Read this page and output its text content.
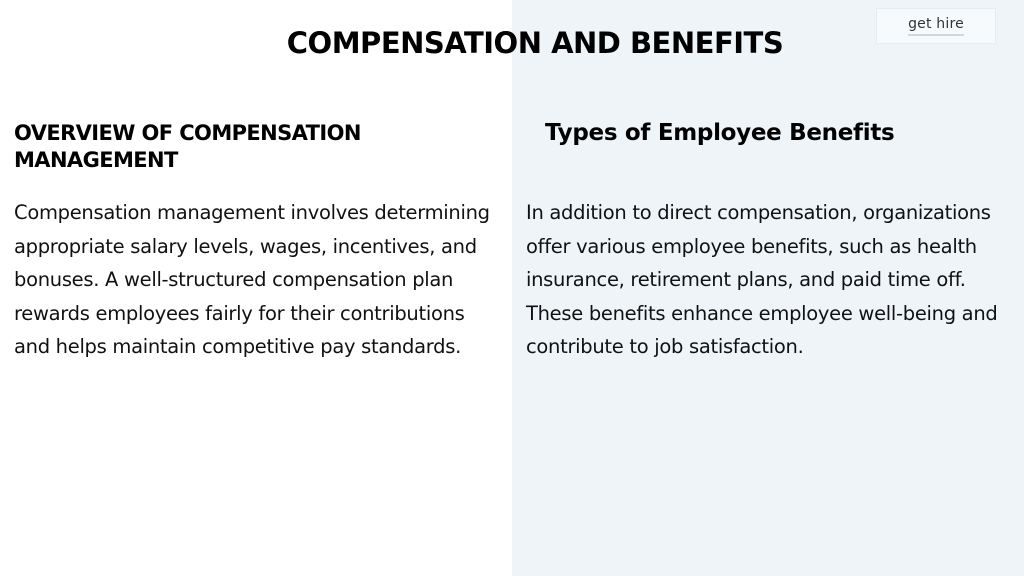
get hire
COMPENSATION AND BENEFITS
OVERVIEW OF COMPENSATION MANAGEMENT

Compensation management involves determining appropriate salary levels, wages, incentives, and bonuses. A well-structured compensation plan rewards employees fairly for their contributions and helps maintain competitive pay standards.

Types of Employee Benefits

In addition to direct compensation, organizations offer various employee benefits, such as health insurance, retirement plans, and paid time off. These benefits enhance employee well-being and contribute to job satisfaction.
